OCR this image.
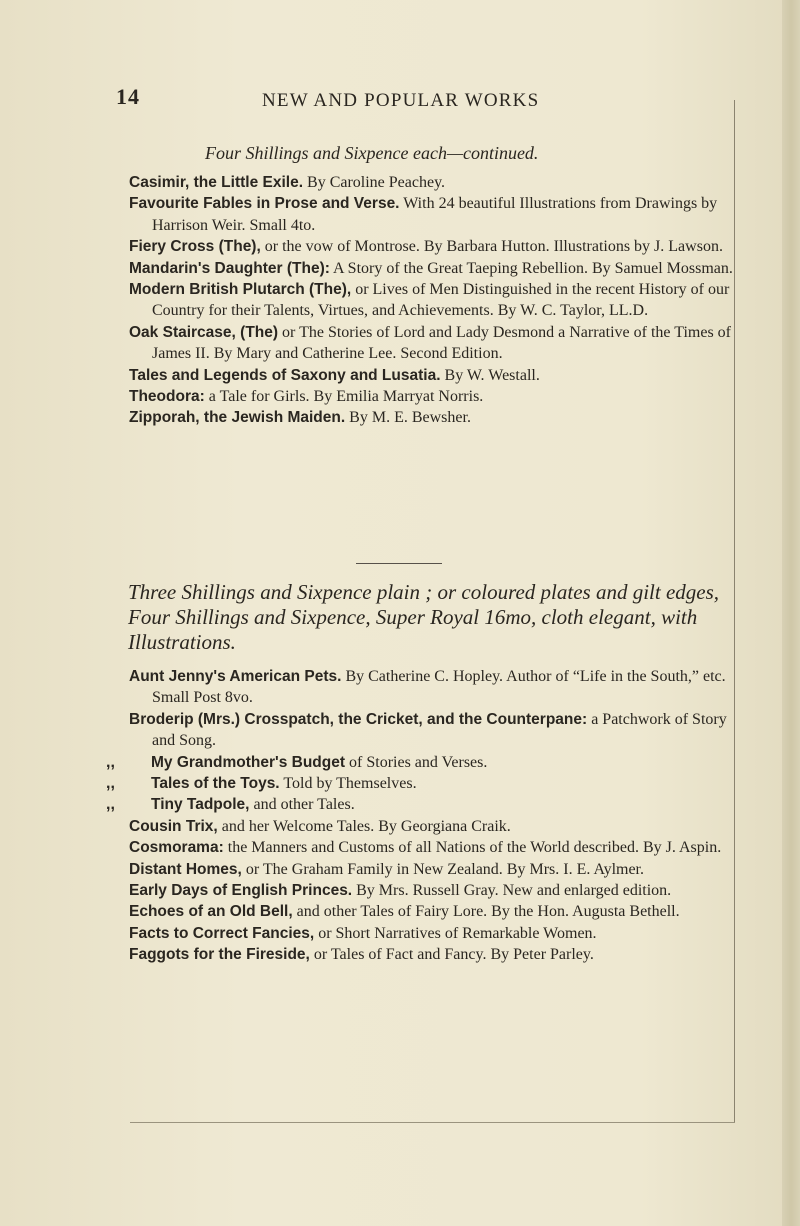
14	NEW AND POPULAR WORKS
Four Shillings and Sixpence each—continued.

Casimir, the Little Exile. By Caroline Peachey.

Favourite Fables in Prose and Verse. With 24 beautiful Illustrations from Drawings by Harrison Weir. Small 4to.

Fiery Cross (The), or the vow of Montrose. By Barbara Hutton. Illustrations by J. Lawson.

Mandarin's Daughter (The): A Story of the Great Taeping Rebellion. By Samuel Mossman.

Modern British Plutarch (The), or Lives of Men Distinguished in the recent History of our Country for their Talents, Virtues, and Achievements. By W. C. Taylor, LL.D.

Oak Staircase, (The) or The Stories of Lord and Lady Desmond a Narrative of the Times of James II. By Mary and Catherine Lee. Second Edition.

Tales and Legends of Saxony and Lusatia. By W. Westall.

Theodora: a Tale for Girls. By Emilia Marryat Norris.

Zipporah, the Jewish Maiden. By M. E. Bewsher.

Three Shillings and Sixpence plain ; or coloured plates and gilt edges, Four Shillings and Sixpence, Super Royal 16mo, cloth elegant, with Illustrations.

Aunt Jenny's American Pets. By Catherine C. Hopley. Author of “Life in the South,” etc. Small Post 8vo.

Broderip (Mrs.) Crosspatch, the Cricket, and the Counterpane: a Patchwork of Story and Song.

,, My Grandmother's Budget of Stories and Verses.

,, Tales of the Toys. Told by Themselves.

,, Tiny Tadpole, and other Tales.

Cousin Trix, and her Welcome Tales. By Georgiana Craik.

Cosmorama: the Manners and Customs of all Nations of the World described. By J. Aspin.

Distant Homes, or The Graham Family in New Zealand. By Mrs. I. E. Aylmer.

Early Days of English Princes. By Mrs. Russell Gray. New and enlarged edition.

Echoes of an Old Bell, and other Tales of Fairy Lore. By the Hon. Augusta Bethell.

Facts to Correct Fancies, or Short Narratives of Remarkable Women.

Faggots for the Fireside, or Tales of Fact and Fancy. By Peter Parley.
